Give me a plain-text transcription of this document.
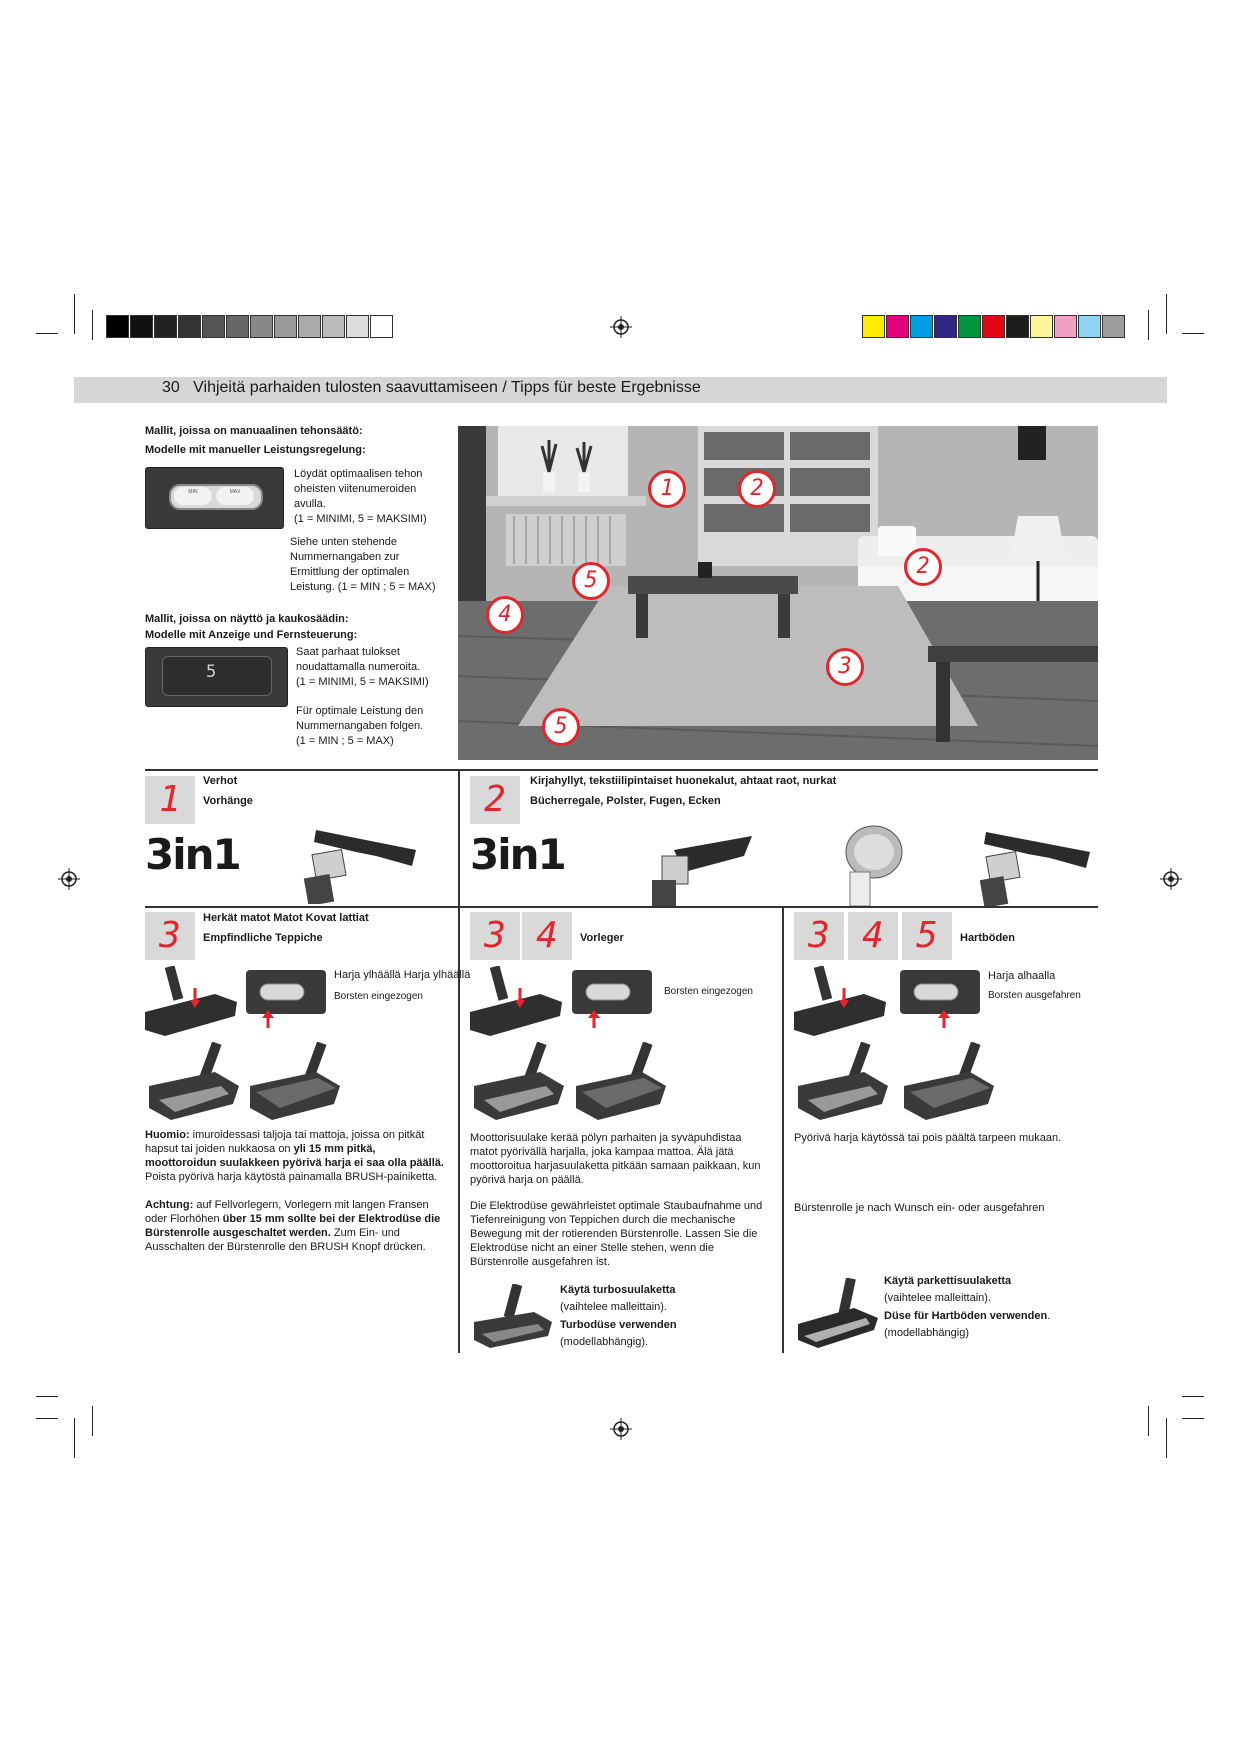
30 Vihjeitä parhaiden tulosten saavuttamiseen / Tipps für beste Ergebnisse
Mallit, joissa on manuaalinen tehonsäätö:
Modelle mit manueller Leistungsregelung:
MIN	MAX

Löydät optimaalisen tehon

oheisten viitenumeroiden

avulla.

(1 = MINIMI, 5 = MAKSIMI)

Siehe unten stehende

Nummernangaben zur

Ermittlung der optimalen

Leistung. (1 = MIN ; 5 = MAX)

Mallit, joissa on näyttö ja kaukosäädin:
Modelle mit Anzeige und Fernsteuerung:
5

Saat parhaat tulokset

noudattamalla numeroita.

(1 = MINIMI, 5 = MAKSIMI)

Für optimale Leistung den

Nummernangaben folgen.

(1 = MIN ; 5 = MAX)

1	2
2
5
4
3
5
1	Verhot
Vorhänge
3in1
2	Kirjahyllyt, tekstiilipintaiset huonekalut, ahtaat raot, nurkat
Bücherregale, Polster, Fugen, Ecken
3in1
3	Herkät matot Matot Kovat lattiat
Empfindliche Teppiche
Harja ylhäällä Harja ylhäällä
Borsten eingezogen
Huomio: imuroidessasi taljoja tai mattoja, joissa on pitkät hapsut tai joiden nukkaosa on yli 15 mm pitkä, moottoroidun suulakkeen pyörivä harja ei saa olla päällä. Poista pyörivä harja käytöstä painamalla BRUSH-painiketta.
Achtung: auf Fellvorlegern, Vorlegern mit langen Fransen oder Florhöhen über 15 mm sollte bei der Elektrodüse die Bürstenrolle ausgeschaltet werden. Zum Ein- und Ausschalten der Bürstenrolle den BRUSH Knopf drücken.
3 4	Vorleger
Borsten eingezogen
Moottorisuulake kerää pölyn parhaiten ja syväpuhdistaa matot pyörivällä harjalla, joka kampaa mattoa. Älä jätä moottoroitua harjasuulaketta pitkään samaan paikkaan, kun pyörivä harja on päällä.
Die Elektrodüse gewährleistet optimale Staubaufnahme und Tiefenreinigung von Teppichen durch die mechanische Bewegung mit der rotierenden Bürstenrolle. Lassen Sie die Elektrodüse nicht an einer Stelle stehen, wenn die Bürstenrolle ausgefahren ist.
Käytä turbosuulaketta
(vaihtelee malleittain).
Turbodüse verwenden
(modellabhängig).
3 4 5	Hartböden
Harja alhaalla
Borsten ausgefahren
Pyörivä harja käytössä tai pois päältä tarpeen mukaan.
Bürstenrolle je nach Wunsch ein- oder ausgefahren
Käytä parkettisuulaketta
(vaihtelee malleittain).
Düse für Hartböden verwenden.
(modellabhängig)
